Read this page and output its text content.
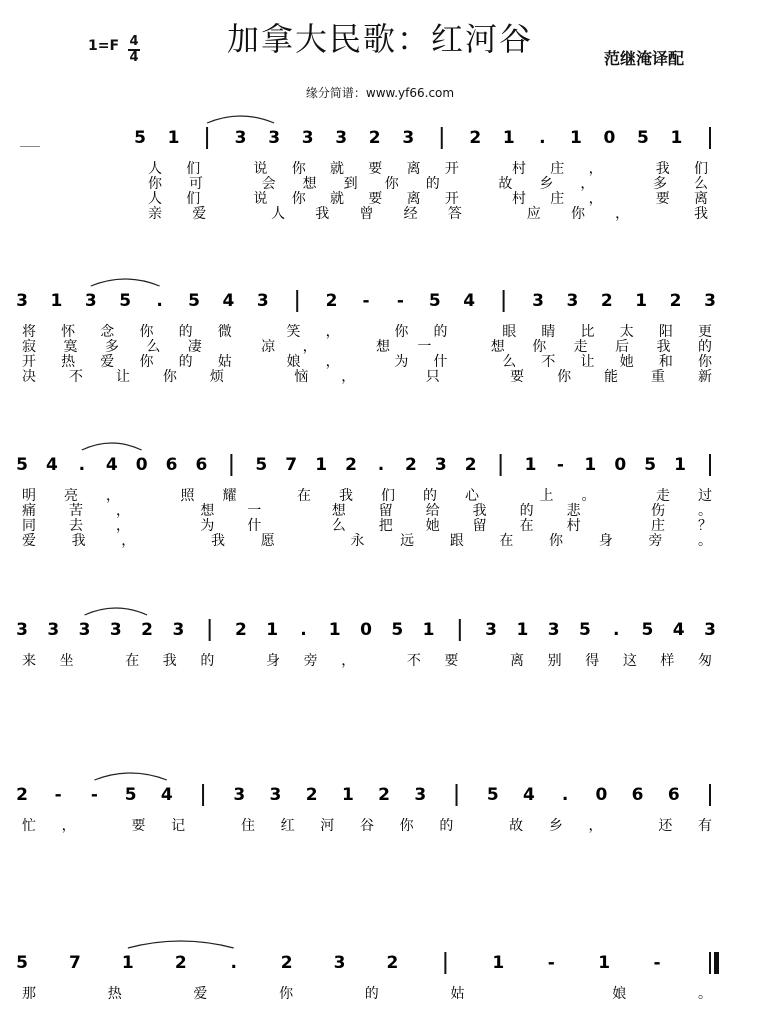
1=F 4
4	加拿大民歌：红河谷
范继淹译配
缘分简谱：www.yf66.com
5 1	3 3 3 3 2 3	2 1 . 1 0 5 1
人们 说你就要离开 村庄， 我们
你可 会想到你的 故乡， 多么
人们 说你就要离开 村庄， 要离
亲爱 人我曾经答 应你， 我
3 1 3 5 . 5 4 3	2 - - 5 4	3 3 2 1 2 3
将怀念你的微 笑， 你的 眼睛比太阳更
寂寞多么凄 凉， 想一 想你走后我的
开热爱你的姑 娘， 为什 么不让她和你
决不让你烦 恼， 只 要你能重新
5 4 . 4 0 6 6	5 7 1 2 . 2 3 2	1 - 1 0 5 1
明亮， 照耀 在我们的心 上。 走过
痛苦， 想一 想留给我的悲 伤。
同去， 为什 么把她留在村 庄？
爱我， 我愿 永远跟在你身旁。
3 3 3 3 2 3	2 1 . 1 0 5 1	3 1 3 5 . 5 4 3
来坐 在我的 身旁， 不要 离别得这样匆
2 - - 5 4	3 3 2 1 2 3	5 4 . 0 6 6
忙， 要记 住红河谷你的 故乡， 还有
5 7 1 2	.	2 3 2	1	-	1	-
那热爱你的姑 娘。
